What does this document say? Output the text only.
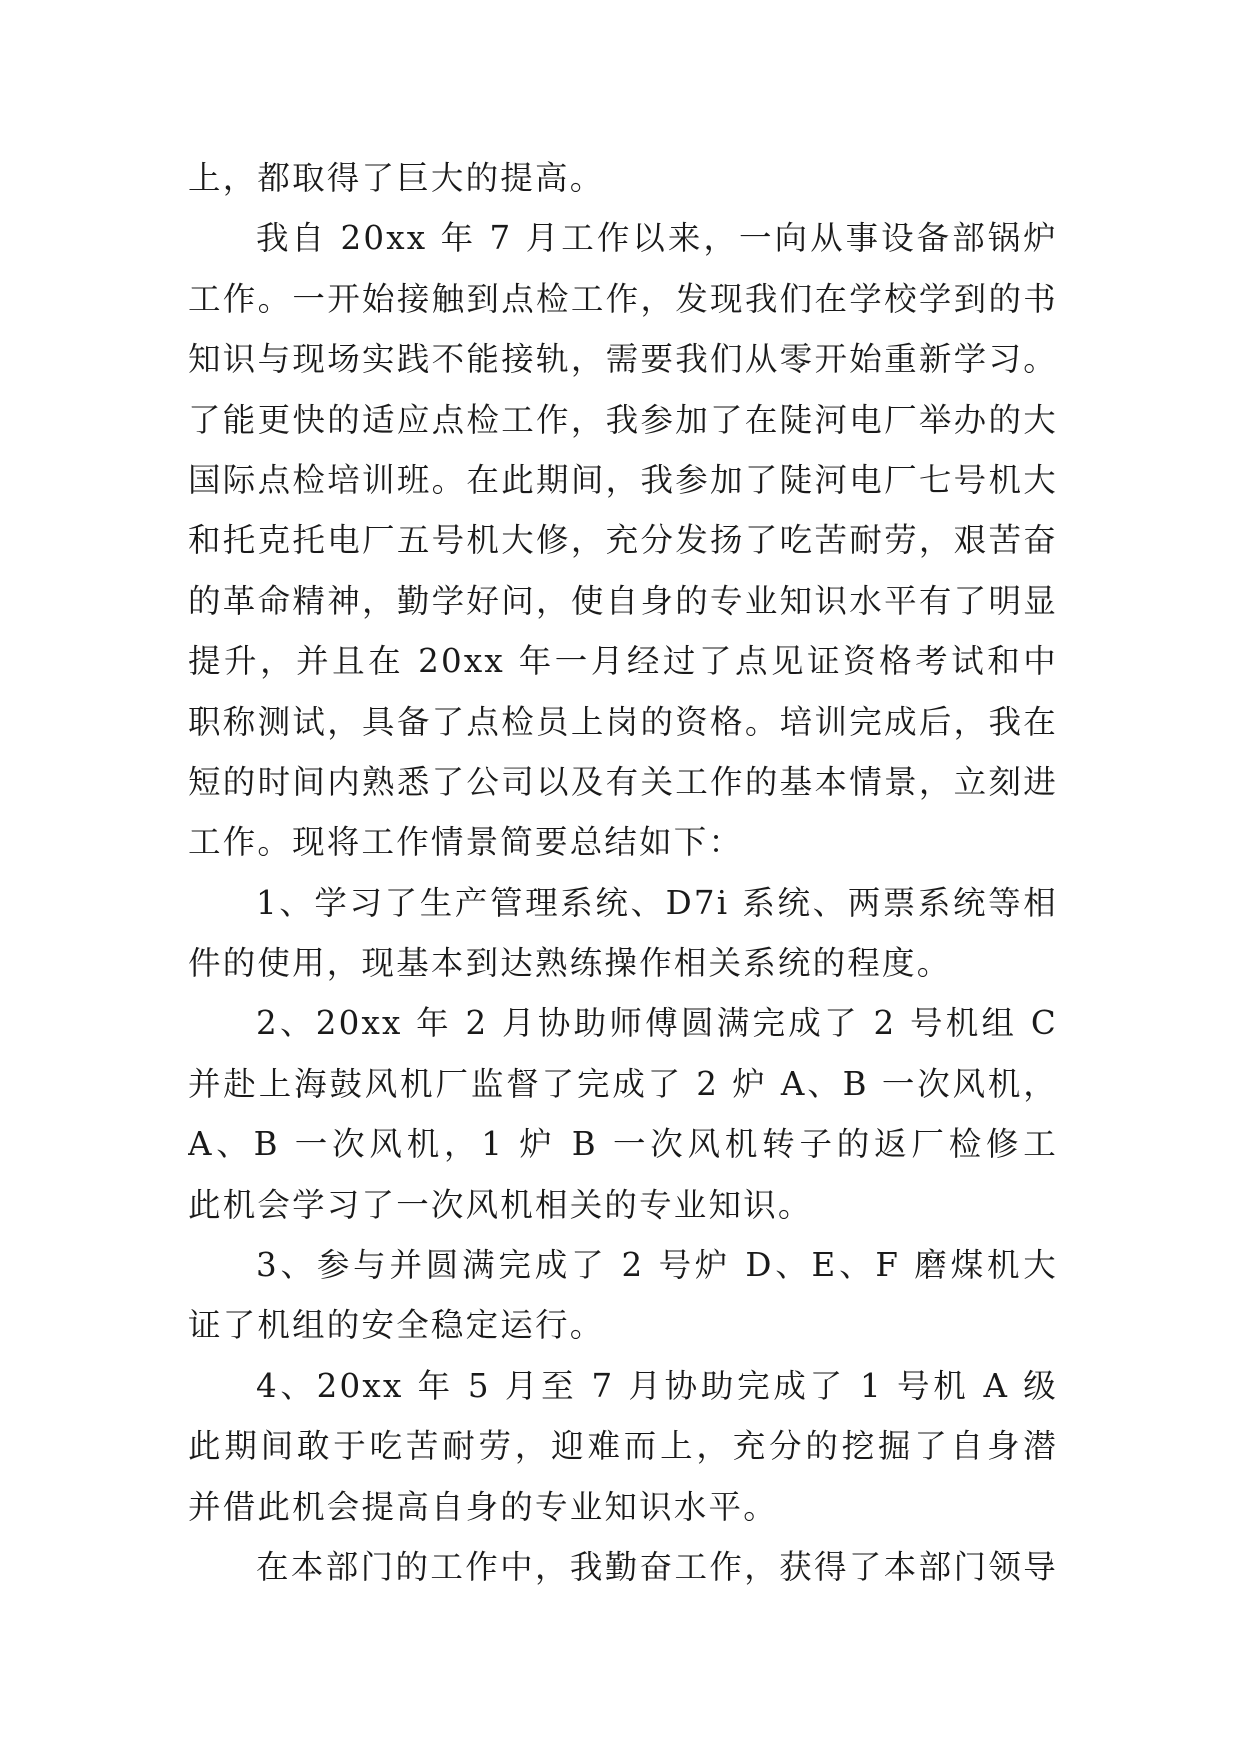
上，都取得了巨大的提高。
我自 20xx 年 7 月工作以来，一向从事设备部锅炉
工作。一开始接触到点检工作，发现我们在学校学到的书
知识与现场实践不能接轨，需要我们从零开始重新学习。
了能更快的适应点检工作，我参加了在陡河电厂举办的大
国际点检培训班。在此期间，我参加了陡河电厂七号机大
和托克托电厂五号机大修，充分发扬了吃苦耐劳，艰苦奋
的革命精神，勤学好问，使自身的专业知识水平有了明显
提升，并且在 20xx 年一月经过了点见证资格考试和中
职称测试，具备了点检员上岗的资格。培训完成后，我在
短的时间内熟悉了公司以及有关工作的基本情景，立刻进
工作。现将工作情景简要总结如下：
1、学习了生产管理系统、D7i 系统、两票系统等相
件的使用，现基本到达熟练操作相关系统的程度。
2、20xx 年 2 月协助师傅圆满完成了 2 号机组 C
并赴上海鼓风机厂监督了完成了 2 炉 A、B 一次风机，
A、B 一次风机，1 炉 B 一次风机转子的返厂检修工
此机会学习了一次风机相关的专业知识。
3、参与并圆满完成了 2 号炉 D、E、F 磨煤机大
证了机组的安全稳定运行。
4、20xx 年 5 月至 7 月协助完成了 1 号机 A 级
此期间敢于吃苦耐劳，迎难而上，充分的挖掘了自身潜
并借此机会提高自身的专业知识水平。
在本部门的工作中，我勤奋工作，获得了本部门领导
